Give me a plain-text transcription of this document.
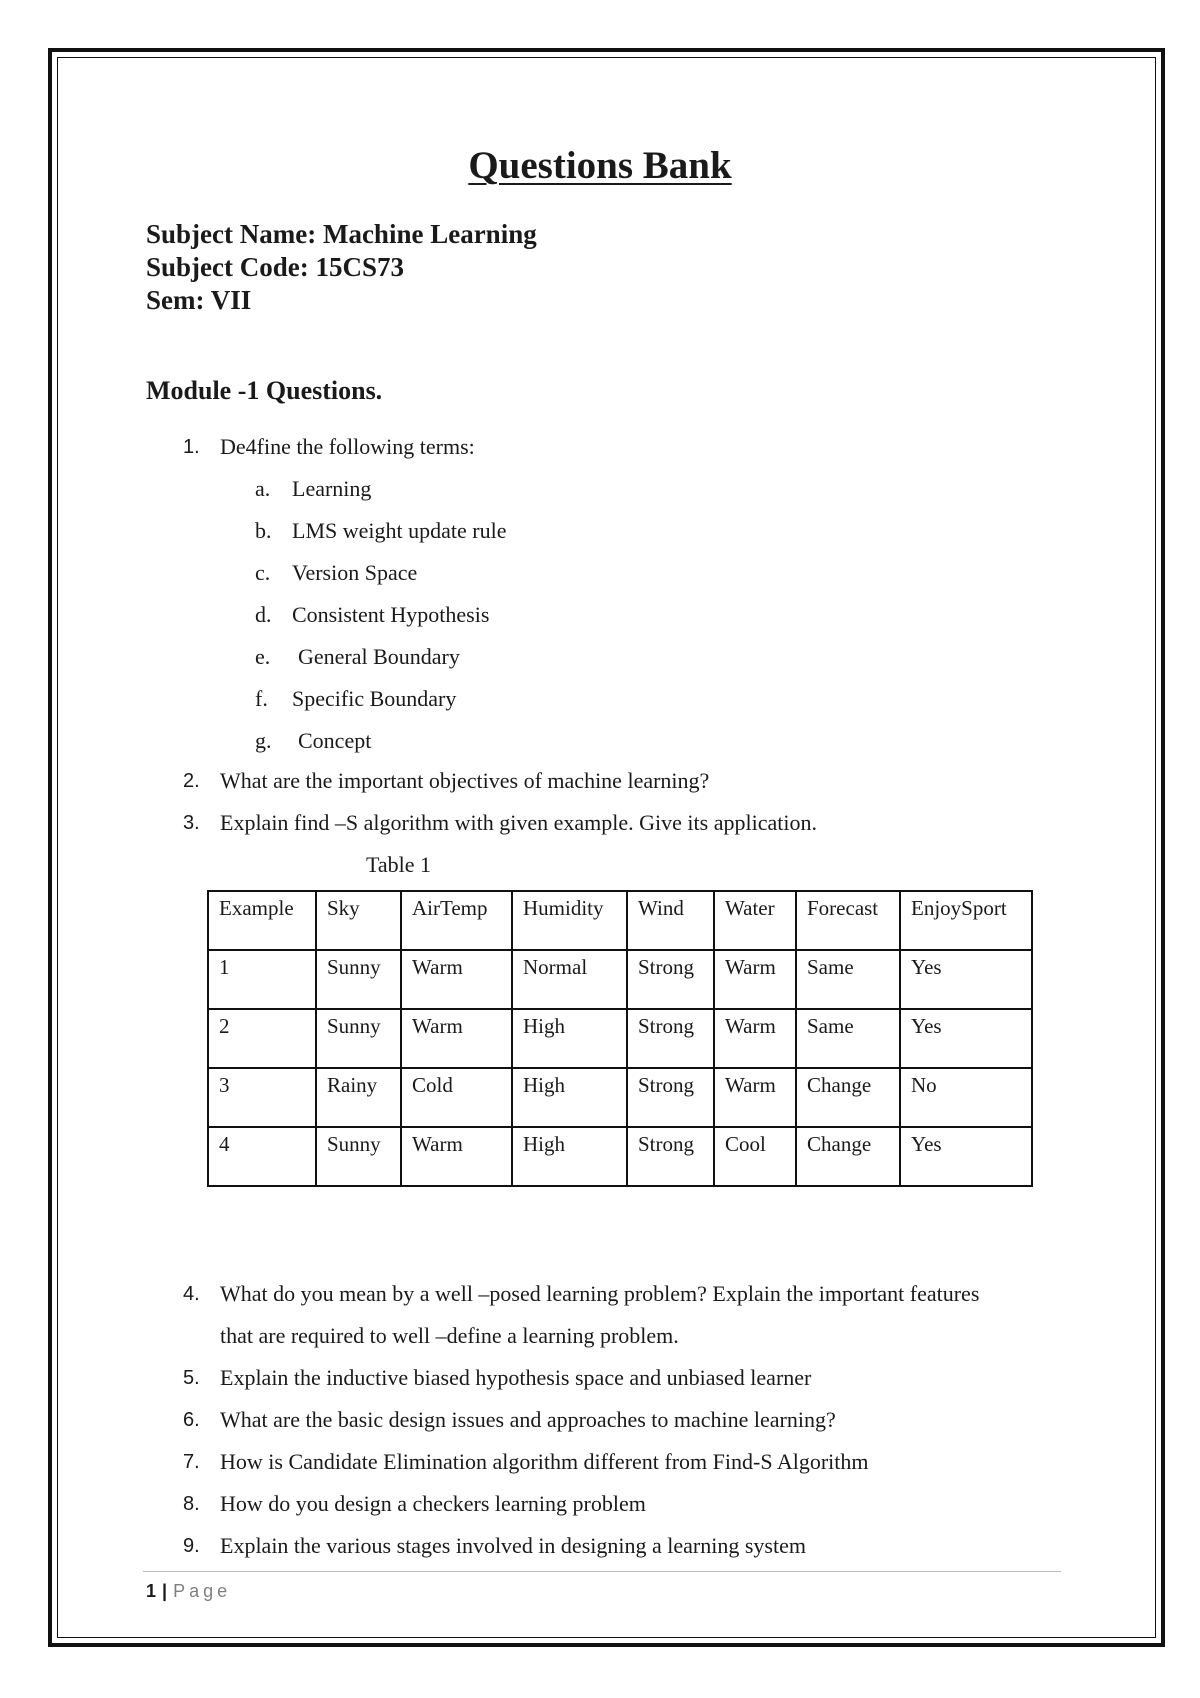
Questions Bank
Subject Name: Machine Learning
Subject Code: 15CS73
Sem: VII
Module -1 Questions.
1. De4fine the following terms:
a. Learning
b. LMS weight update rule
c. Version Space
d. Consistent Hypothesis
e. General Boundary
f. Specific Boundary
g. Concept
2. What are the important objectives of machine learning?
3. Explain find –S algorithm with given example. Give its application.
Table 1
Example	Sky	AirTemp	Humidity	Wind	Water	Forecast	EnjoySport
1	Sunny	Warm	Normal	Strong	Warm	Same	Yes
2	Sunny	Warm	High	Strong	Warm	Same	Yes
3	Rainy	Cold	High	Strong	Warm	Change	No
4	Sunny	Warm	High	Strong	Cool	Change	Yes
4. What do you mean by a well –posed learning problem? Explain the important features
that are required to well –define a learning problem.
5. Explain the inductive biased hypothesis space and unbiased learner
6. What are the basic design issues and approaches to machine learning?
7. How is Candidate Elimination algorithm different from Find-S Algorithm
8. How do you design a checkers learning problem
9. Explain the various stages involved in designing a learning system
1 | Page
